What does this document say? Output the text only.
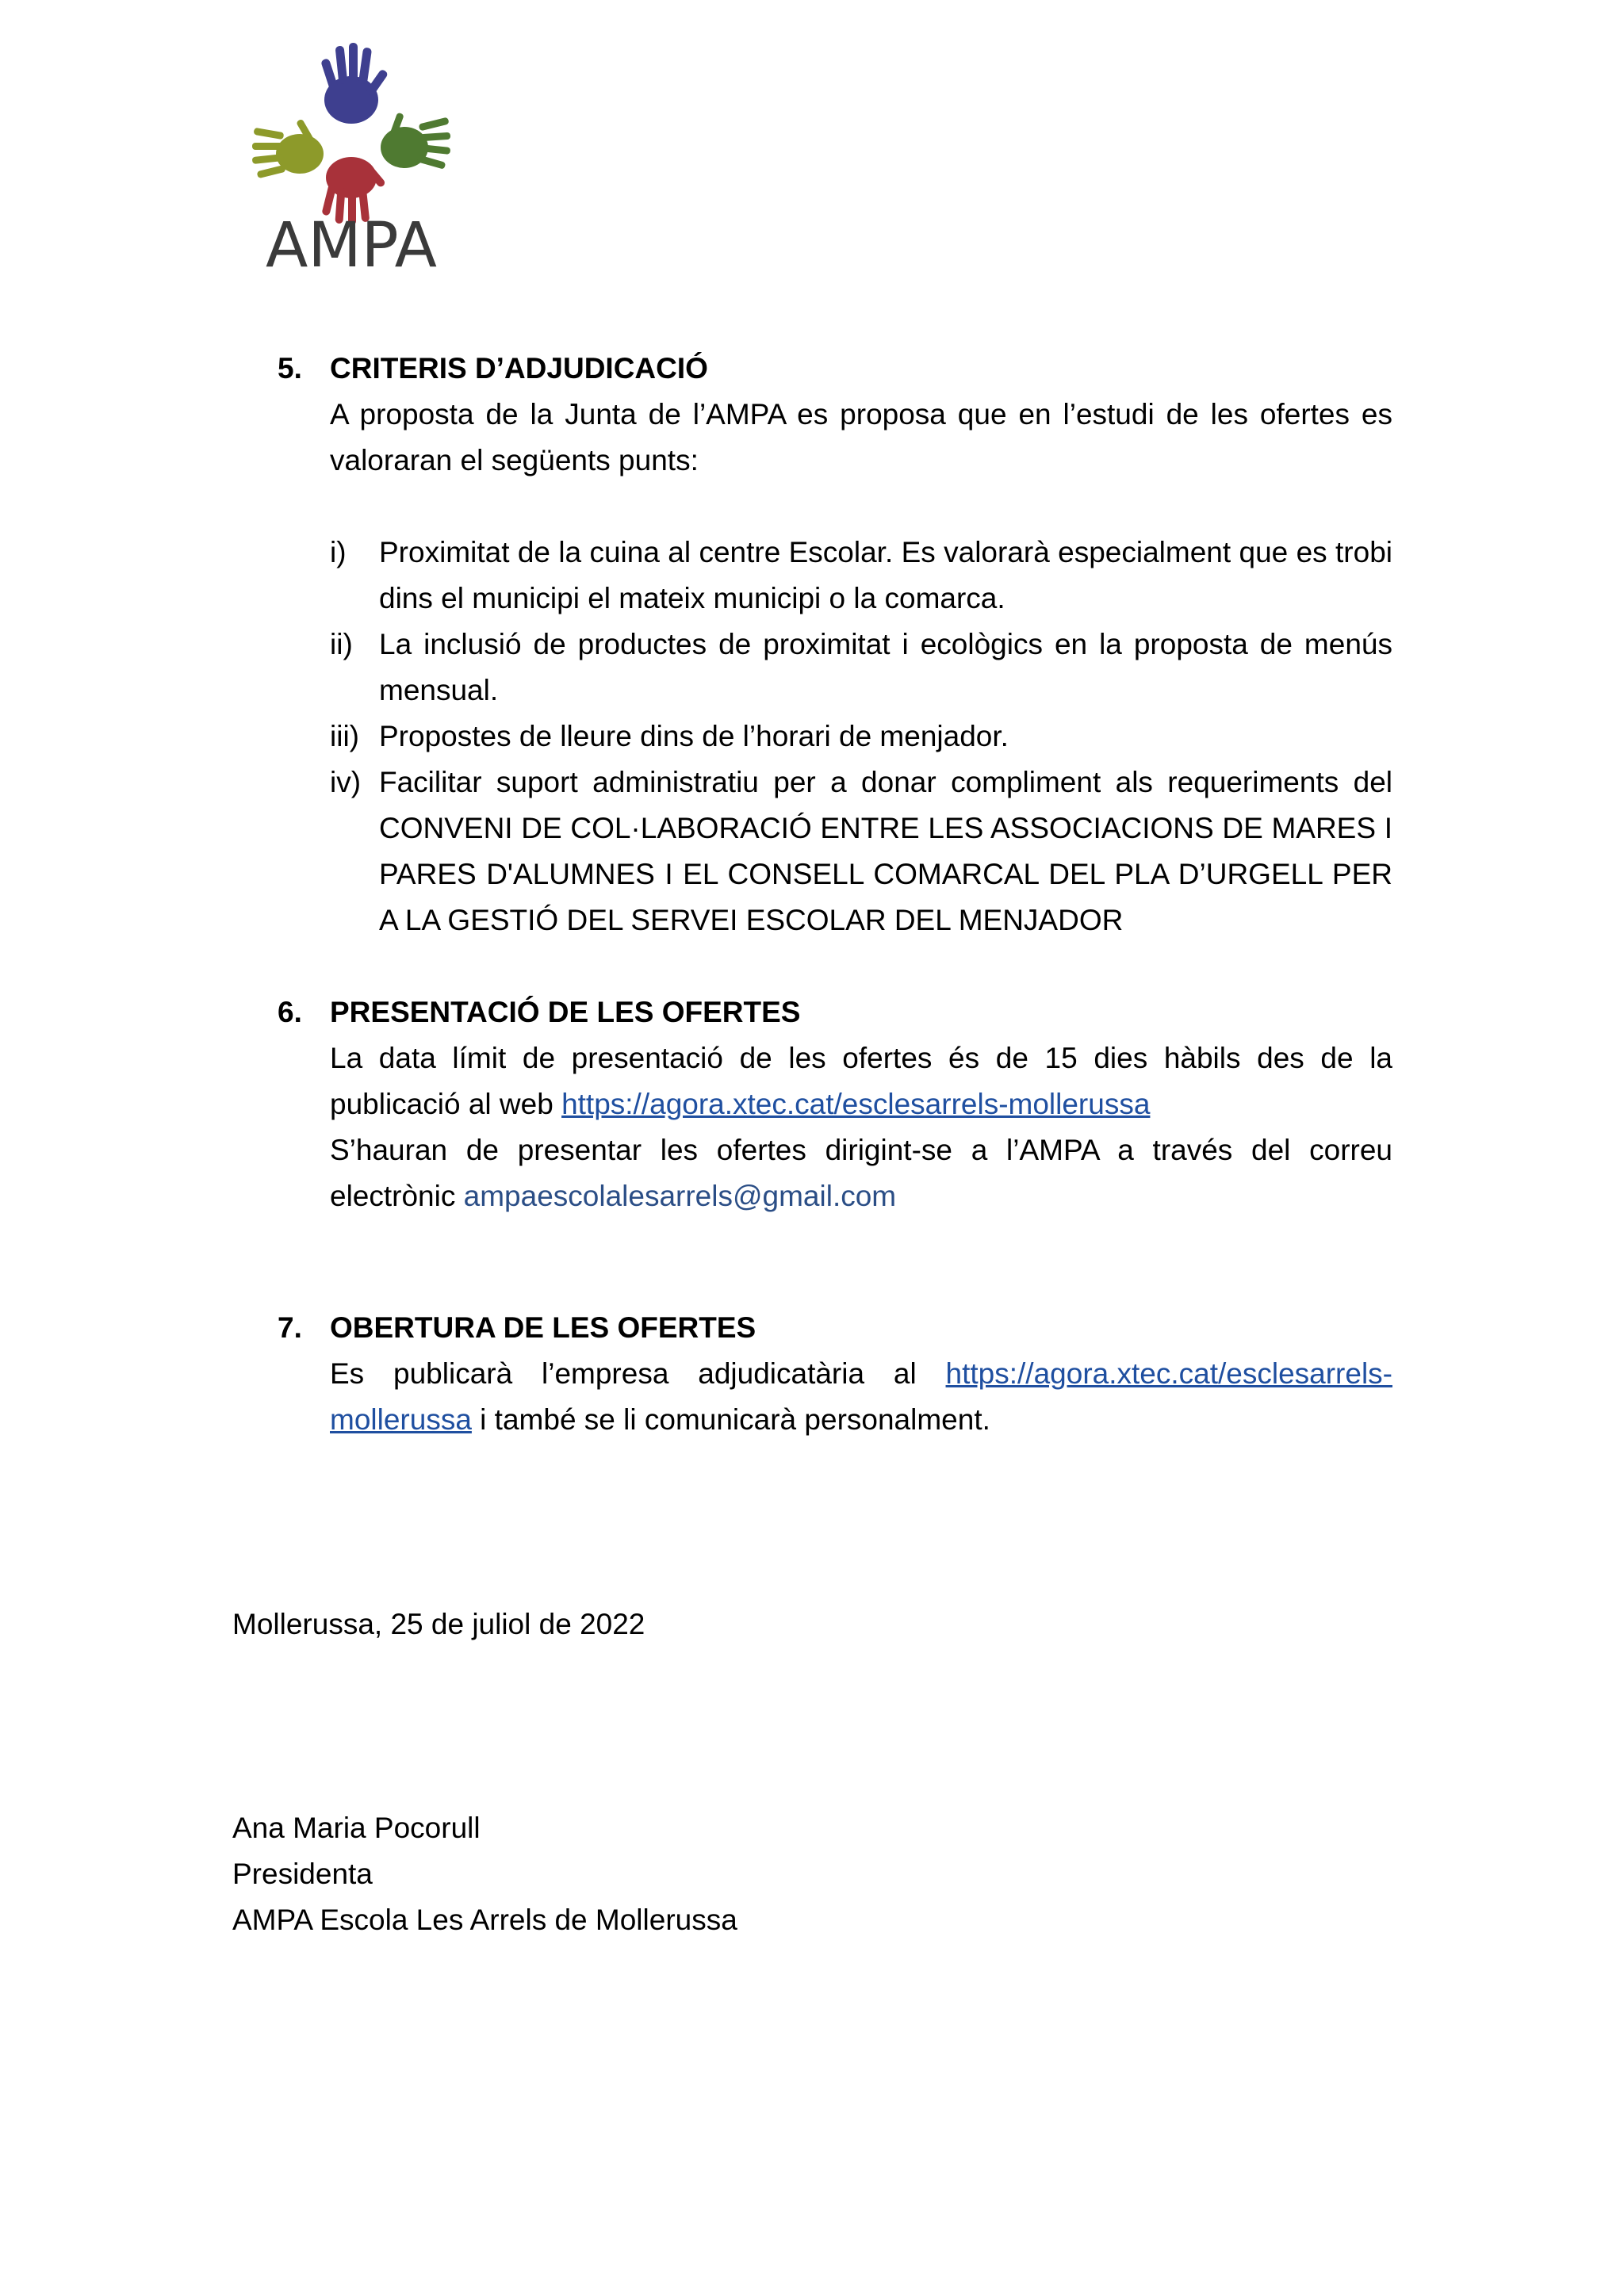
AMPA
5. CRITERIS D’ADJUDICACIÓ
A proposta de la Junta de l’AMPA es proposa que en l’estudi de les ofertes es valoraran el següents punts:
i)	Proximitat de la cuina al centre Escolar. Es valorarà especialment que es trobi dins el municipi el mateix municipi o la comarca.
ii) La inclusió de productes de proximitat i ecològics en la proposta de menús mensual.
iii) Propostes de lleure dins de l’horari de menjador.
iv) Facilitar suport administratiu per a donar compliment als requeriments del CONVENI DE COL·LABORACIÓ ENTRE LES ASSOCIACIONS DE MARES I PARES D'ALUMNES I EL CONSELL COMARCAL DEL PLA D’URGELL PER A LA GESTIÓ DEL SERVEI ESCOLAR DEL MENJADOR
6. PRESENTACIÓ DE LES OFERTES

La data límit de presentació de les ofertes és de 15 dies hàbils des de la publicació al web https://agora.xtec.cat/esclesarrels-mollerussa

S’hauran de presentar les ofertes dirigint-se a l’AMPA a través del correu electrònic ampaescolalesarrels@gmail.com

7. OBERTURA DE LES OFERTES

Es publicarà l’empresa adjudicatària al https://agora.xtec.cat/esclesarrels-mollerussa i també se li comunicarà personalment.

Mollerussa, 25 de juliol de 2022
Ana Maria Pocorull
Presidenta
AMPA Escola Les Arrels de Mollerussa
